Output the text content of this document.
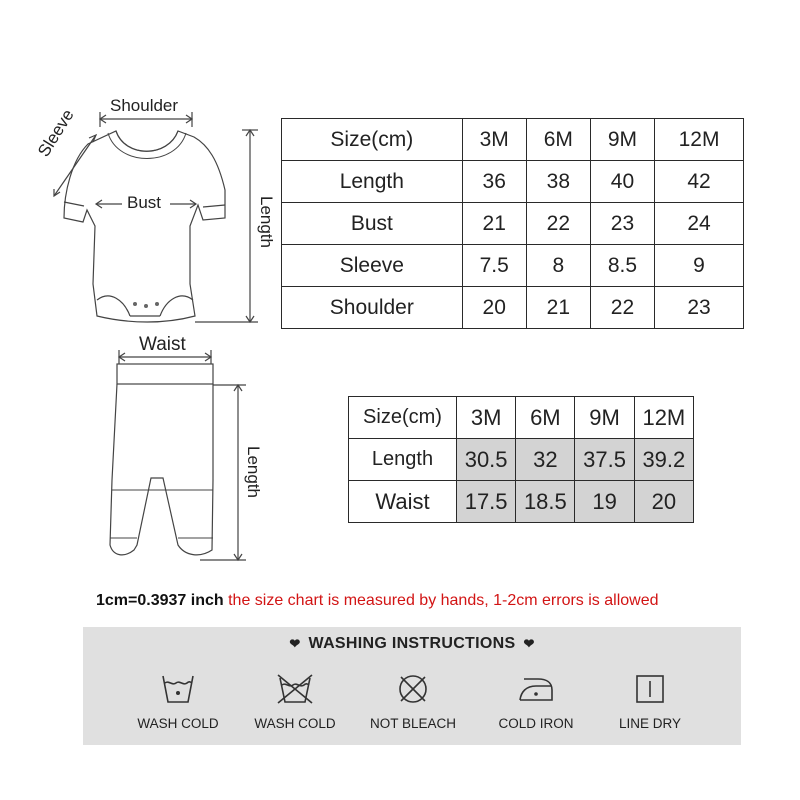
Shoulder
Bust
Sleeve
Length
Size(cm)	3M	6M	9M	12M
Length	36	38	40	42
Bust	21	22	23	24
Sleeve	7.5	8	8.5	9
Shoulder	20	21	22	23
Waist
Length
Size(cm)	3M	6M	9M	12M
Length	30.5	32	37.5	39.2
Waist	17.5	18.5	19	20
1cm=0.3937 inch the size chart is measured by hands, 1-2cm errors is allowed
❤ WASHING INSTRUCTIONS ❤
WASH COLD	WASH COLD	NOT BLEACH	COLD IRON	LINE DRY
